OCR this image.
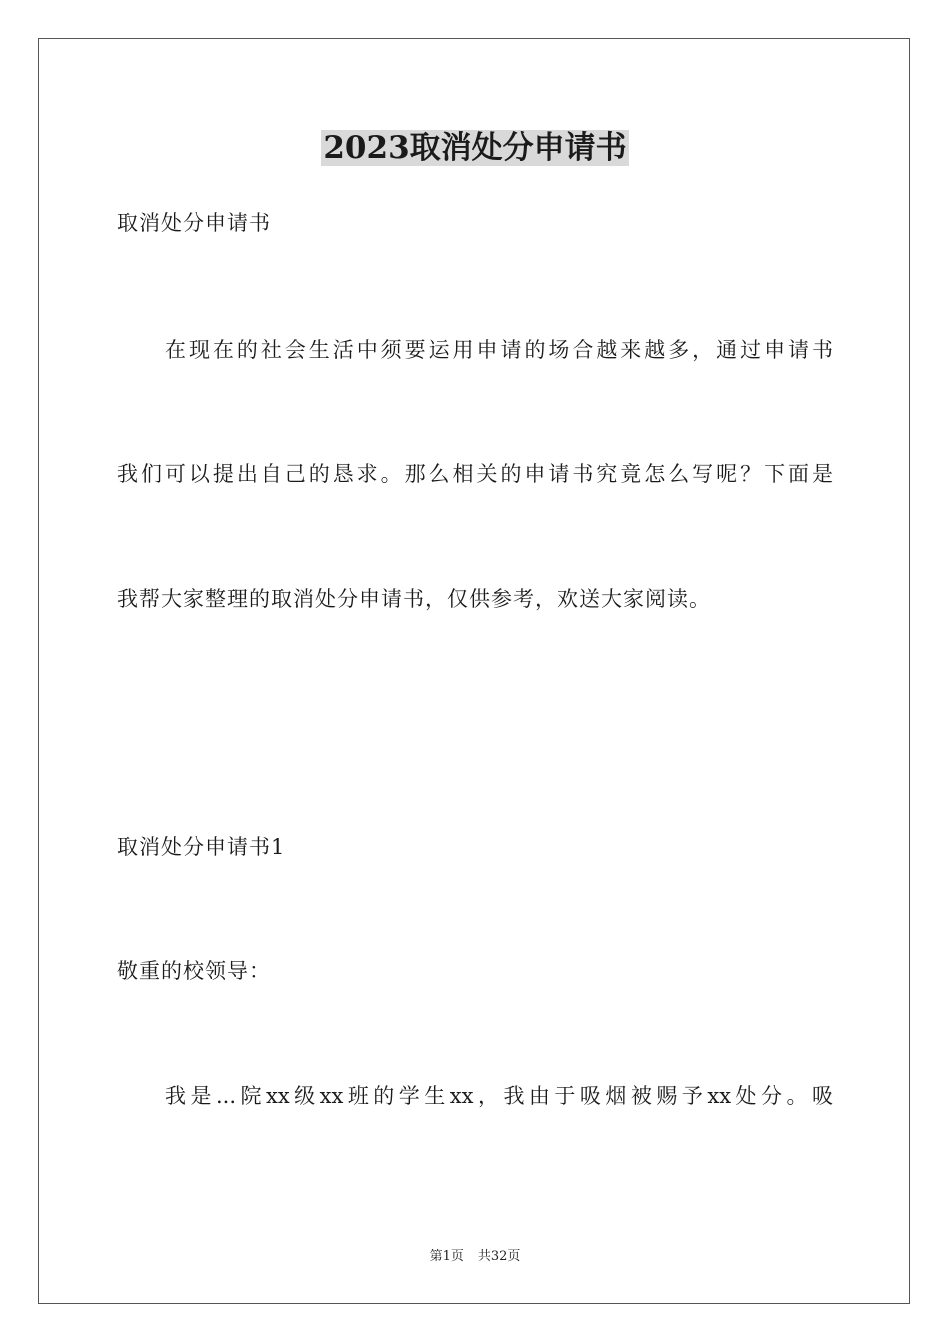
2023取消处分申请书
取消处分申请书
在现在的社会生活中须要运用申请的场合越来越多，通过申请书
我们可以提出自己的恳求。那么相关的申请书究竟怎么写呢？下面是
我帮大家整理的取消处分申请书，仅供参考，欢送大家阅读。
取消处分申请书1
敬重的校领导：
我是...院xx级xx班的学生xx，我由于吸烟被赐予xx处分。吸
第1页 共32页
